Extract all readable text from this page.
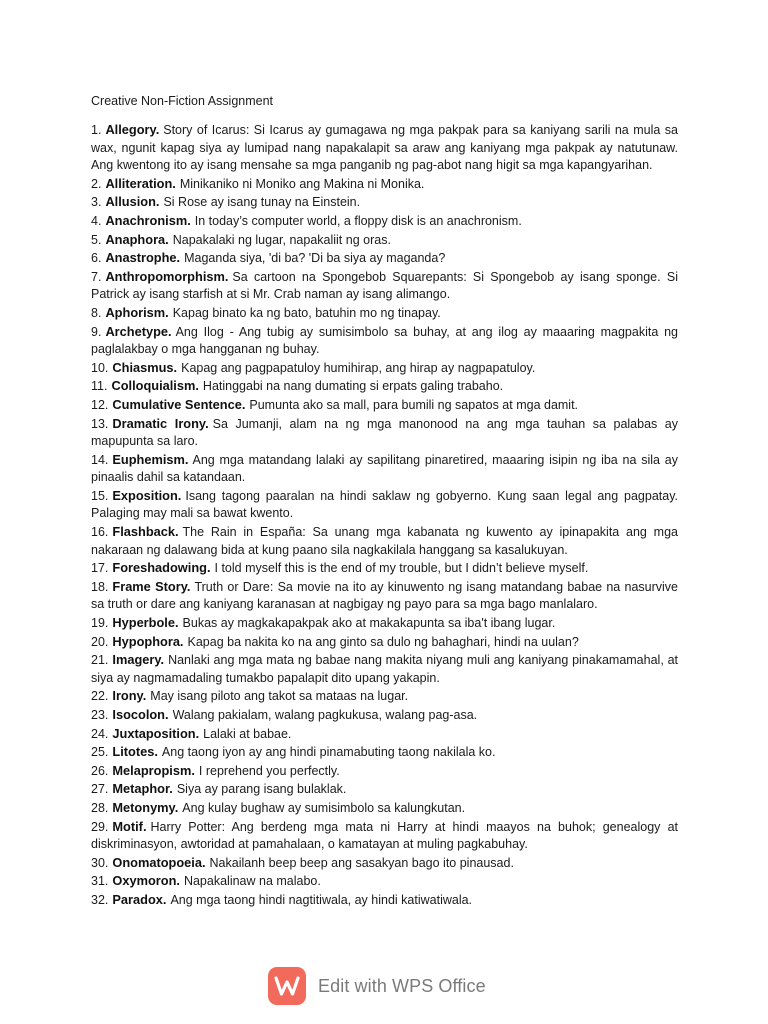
Creative Non-Fiction Assignment
1. Allegory. Story of Icarus: Si Icarus ay gumagawa ng mga pakpak para sa kaniyang sarili na mula sa wax, ngunit kapag siya ay lumipad nang napakalapit sa araw ang kaniyang mga pakpak ay natutunaw. Ang kwentong ito ay isang mensahe sa mga panganib ng pag-abot nang higit sa mga kapangyarihan.
2. Alliteration. Minikaniko ni Moniko ang Makina ni Monika.
3. Allusion. Si Rose ay isang tunay na Einstein.
4. Anachronism. In today’s computer world, a floppy disk is an anachronism.
5. Anaphora. Napakalaki ng lugar, napakaliit ng oras.
6. Anastrophe. Maganda siya, 'di ba? 'Di ba siya ay maganda?
7. Anthropomorphism. Sa cartoon na Spongebob Squarepants: Si Spongebob ay isang sponge. Si Patrick ay isang starfish at si Mr. Crab naman ay isang alimango.
8. Aphorism. Kapag binato ka ng bato, batuhin mo ng tinapay.
9. Archetype. Ang Ilog - Ang tubig ay sumisimbolo sa buhay, at ang ilog ay maaaring magpakita ng paglalakbay o mga hangganan ng buhay.
10. Chiasmus. Kapag ang pagpapatuloy humihirap, ang hirap ay nagpapatuloy.
11. Colloquialism. Hatinggabi na nang dumating si erpats galing trabaho.
12. Cumulative Sentence. Pumunta ako sa mall, para bumili ng sapatos at mga damit.
13. Dramatic Irony. Sa Jumanji, alam na ng mga manonood na ang mga tauhan sa palabas ay mapupunta sa laro.
14. Euphemism. Ang mga matandang lalaki ay sapilitang pinaretired, maaaring isipin ng iba na sila ay pinaalis dahil sa katandaan.
15. Exposition. Isang tagong paaralan na hindi saklaw ng gobyerno. Kung saan legal ang pagpatay. Palaging may mali sa bawat kwento.
16. Flashback. The Rain in España: Sa unang mga kabanata ng kuwento ay ipinapakita ang mga nakaraan ng dalawang bida at kung paano sila nagkakilala hanggang sa kasalukuyan.
17. Foreshadowing. I told myself this is the end of my trouble, but I didn’t believe myself.
18. Frame Story. Truth or Dare: Sa movie na ito ay kinuwento ng isang matandang babae na nasurvive sa truth or dare ang kaniyang karanasan at nagbigay ng payo para sa mga bago manlalaro.
19. Hyperbole. Bukas ay magkakapakpak ako at makakapunta sa iba't ibang lugar.
20. Hypophora. Kapag ba nakita ko na ang ginto sa dulo ng bahaghari, hindi na uulan?
21. Imagery. Nanlaki ang mga mata ng babae nang makita niyang muli ang kaniyang pinakamamahal, at siya ay nagmamadaling tumakbo papalapit dito upang yakapin.
22. Irony. May isang piloto ang takot sa mataas na lugar.
23. Isocolon. Walang pakialam, walang pagkukusa, walang pag-asa.
24. Juxtaposition. Lalaki at babae.
25. Litotes. Ang taong iyon ay ang hindi pinamabuting taong nakilala ko.
26. Melapropism. I reprehend you perfectly.
27. Metaphor. Siya ay parang isang bulaklak.
28. Metonymy. Ang kulay bughaw ay sumisimbolo sa kalungkutan.
29. Motif. Harry Potter: Ang berdeng mga mata ni Harry at hindi maayos na buhok; genealogy at diskriminasyon, awtoridad at pamahalaan, o kamatayan at muling pagkabuhay.
30. Onomatopoeia. Nakailanh beep beep ang sasakyan bago ito pinausad.
31. Oxymoron. Napakalinaw na malabo.
32. Paradox. Ang mga taong hindi nagtitiwala, ay hindi katiwatiwala.
Edit with WPS Office
